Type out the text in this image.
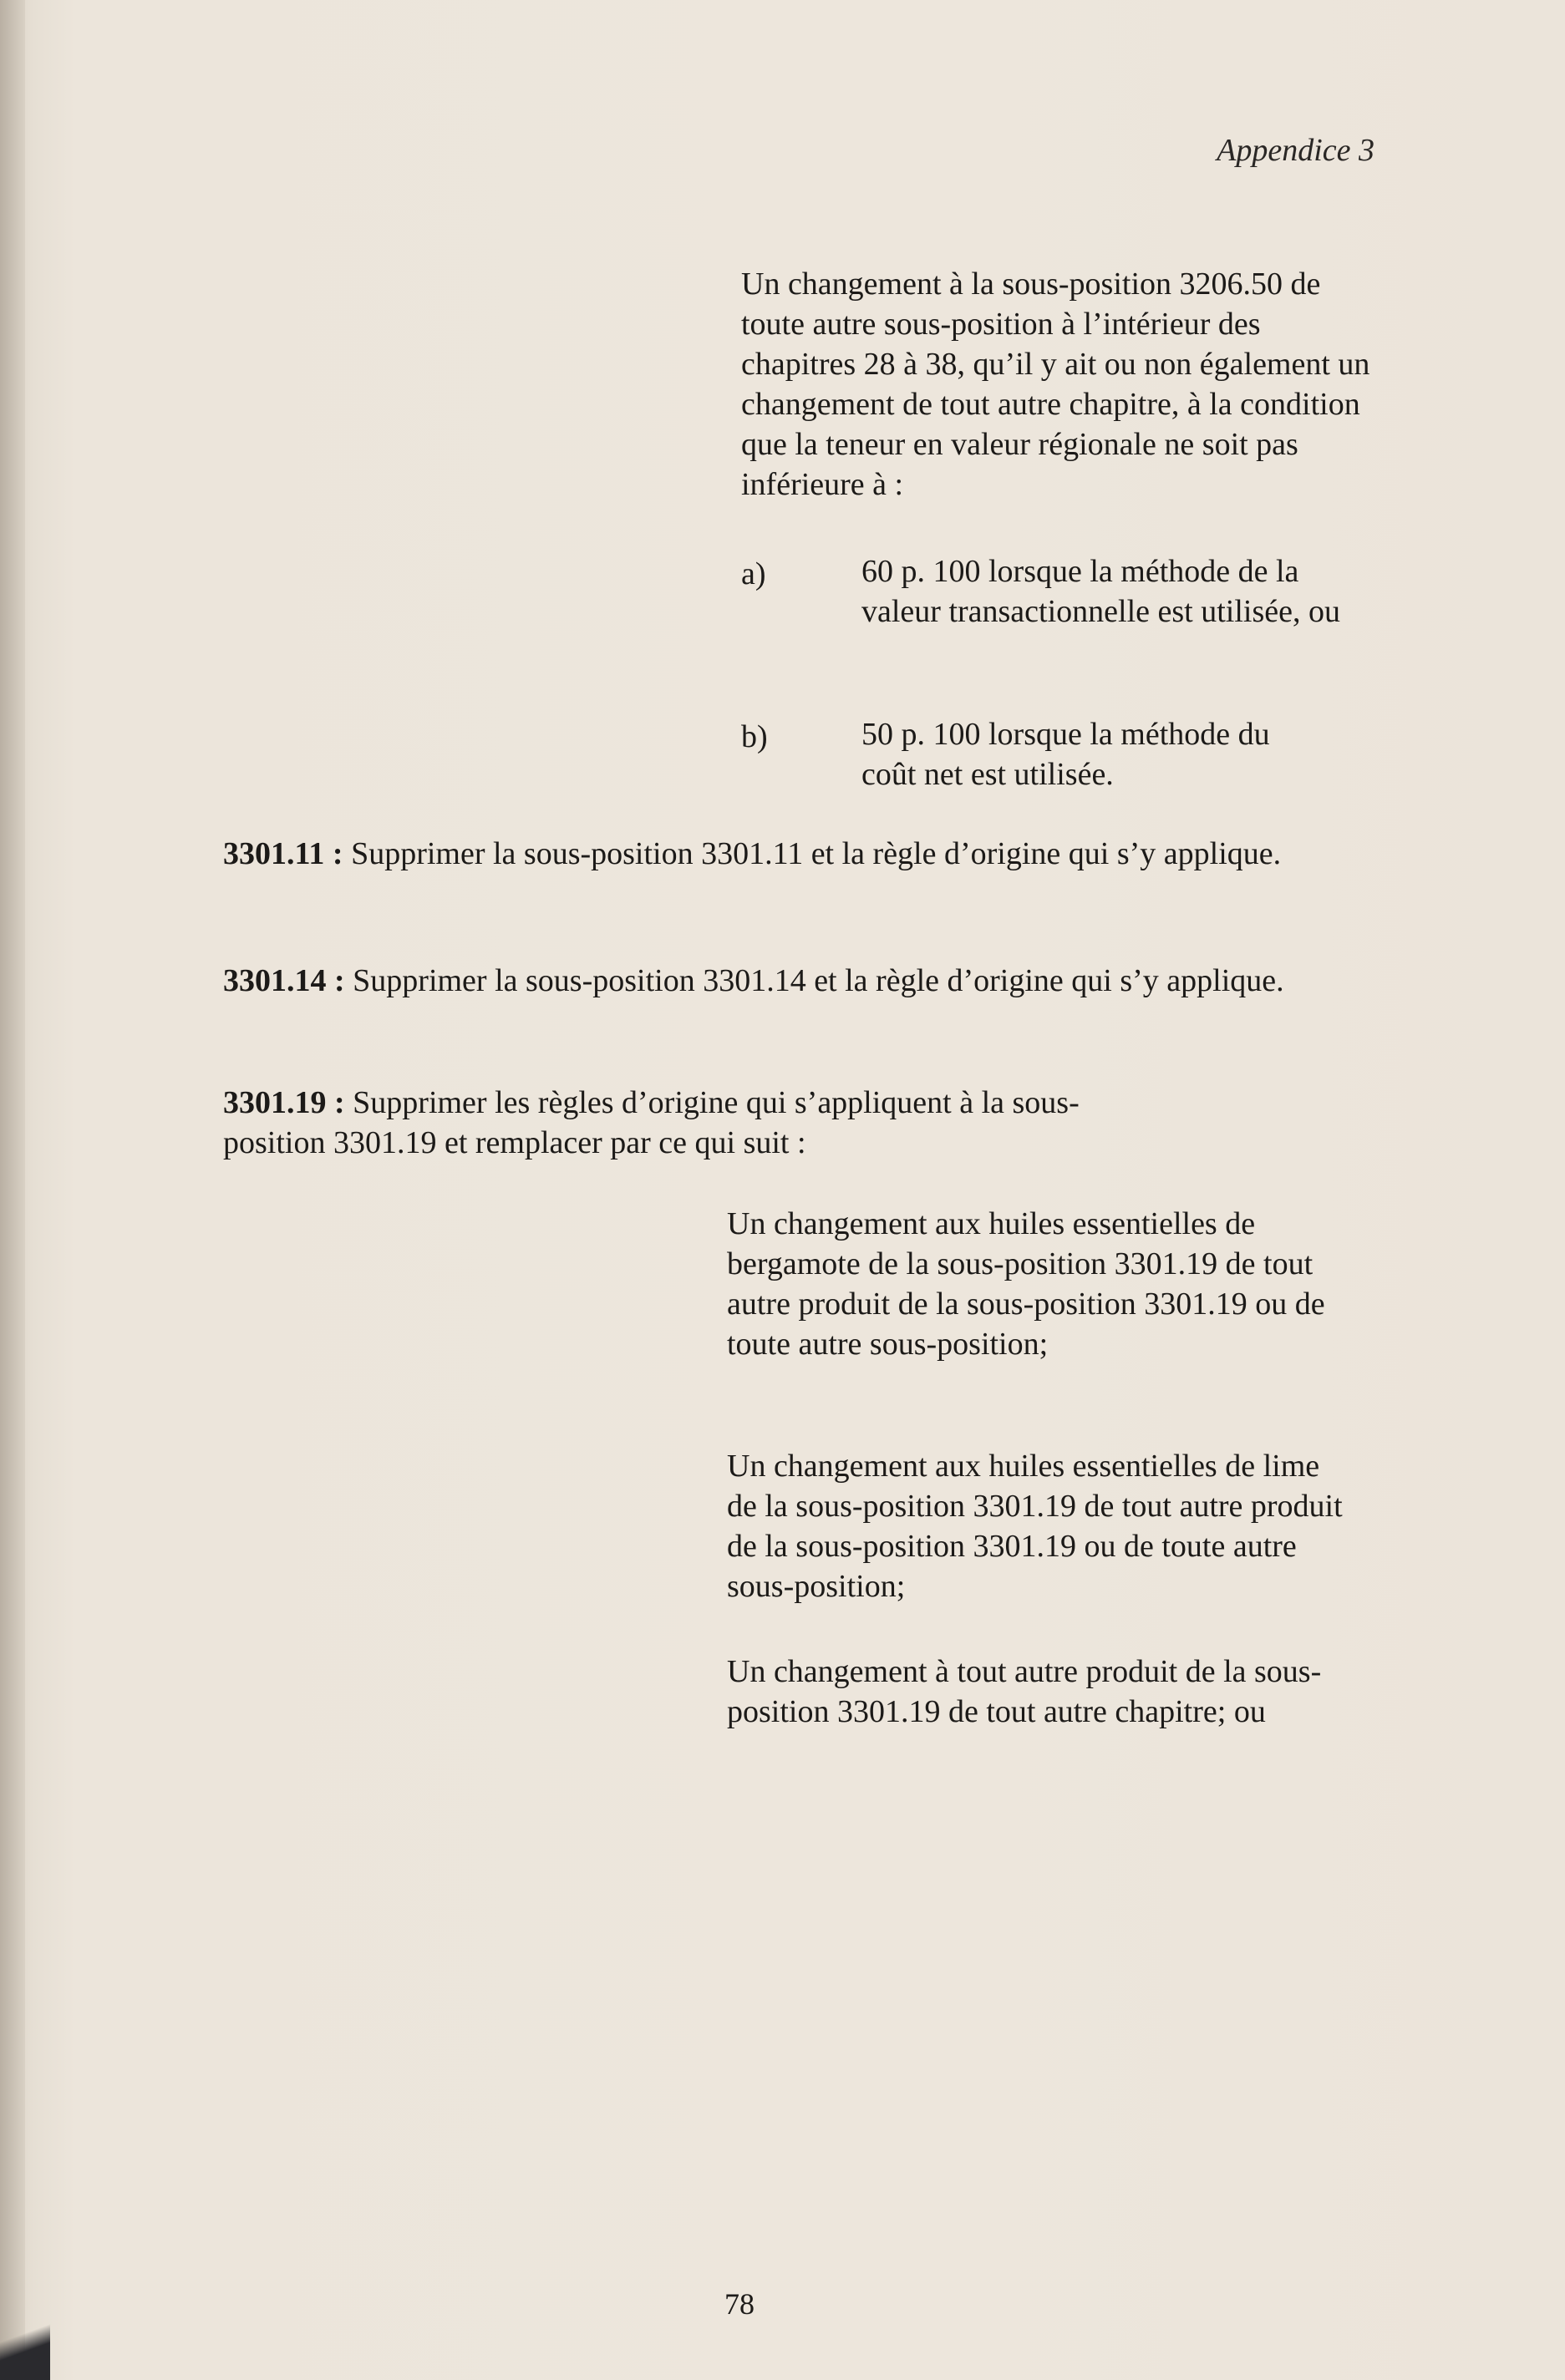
Appendice 3
Un changement à la sous-position 3206.50 de toute autre sous-position à l’intérieur des chapitres 28 à 38, qu’il y ait ou non également un changement de tout autre chapitre, à la condition que la teneur en valeur régionale ne soit pas inférieure à :
a)	60 p. 100 lorsque la méthode de la valeur transactionnelle est utilisée, ou
b)	50 p. 100 lorsque la méthode du coût net est utilisée.
3301.11 : Supprimer la sous-position 3301.11 et la règle d’origine qui s’y applique.
3301.14 : Supprimer la sous-position 3301.14 et la règle d’origine qui s’y applique.
3301.19 : Supprimer les règles d’origine qui s’appliquent à la sous-position 3301.19 et remplacer par ce qui suit :
Un changement aux huiles essentielles de bergamote de la sous-position 3301.19 de tout autre produit de la sous-position 3301.19 ou de toute autre sous-position;
Un changement aux huiles essentielles de lime de la sous-position 3301.19 de tout autre produit de la sous-position 3301.19 ou de toute autre sous-position;
Un changement à tout autre produit de la sous-position 3301.19 de tout autre chapitre; ou
78
